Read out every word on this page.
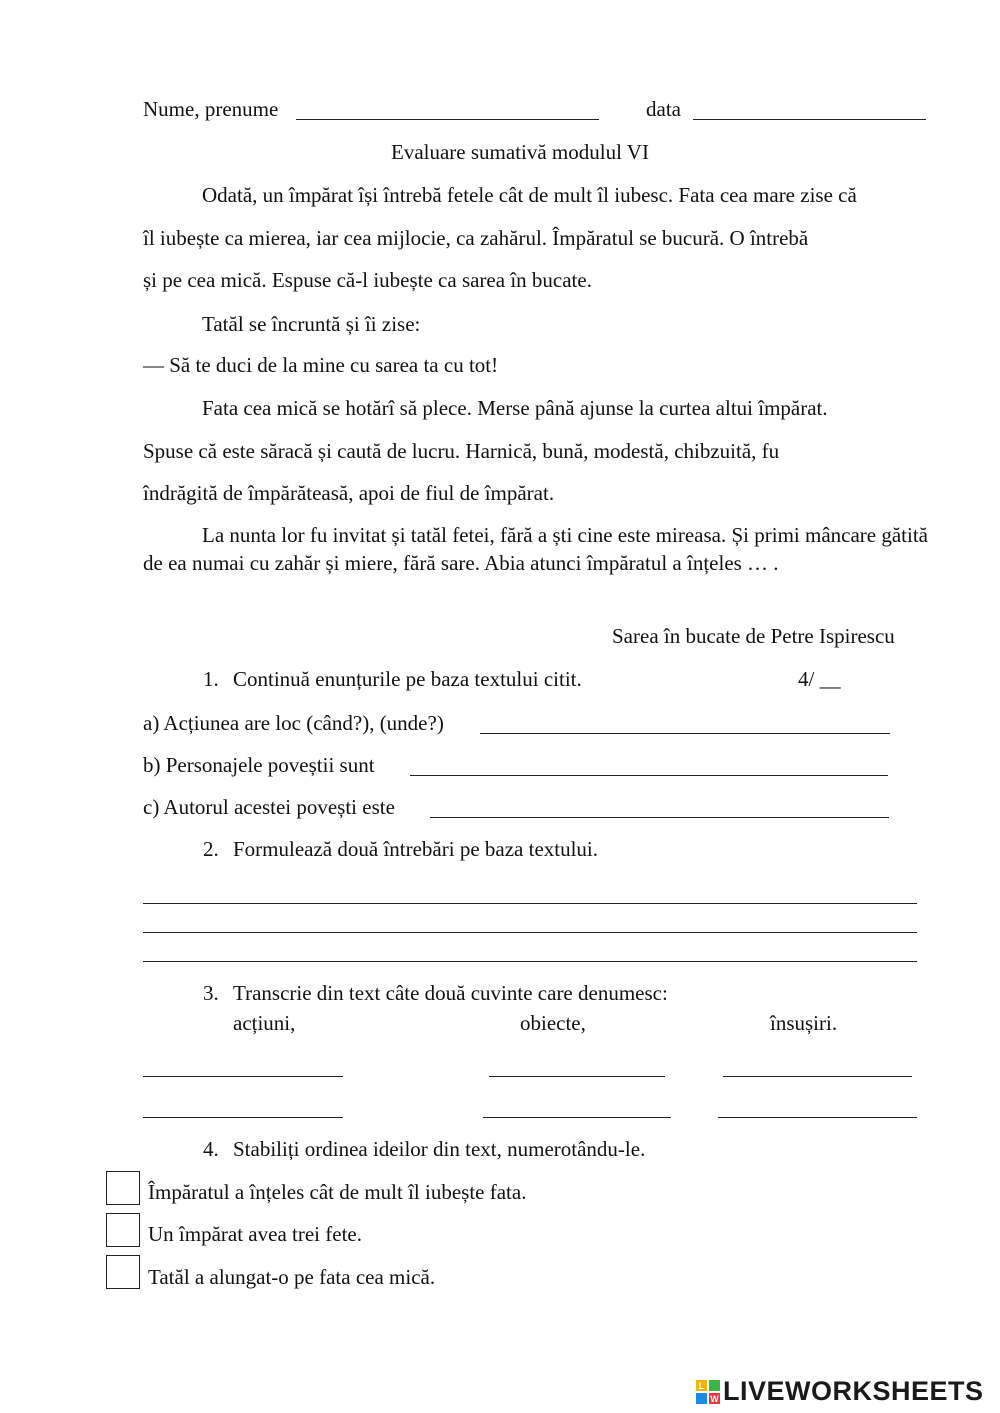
Nume, prenume	data
Evaluare sumativă modulul VI
Odată, un împărat își întrebă fetele cât de mult îl iubesc. Fata cea mare zise că
îl iubește ca mierea, iar cea mijlocie, ca zahărul. Împăratul se bucură. O întrebă
și pe cea mică. Espuse că-l iubește ca sarea în bucate.
Tatăl se încruntă și îi zise:
— Să te duci de la mine cu sarea ta cu tot!
Fata cea mică se hotărî să plece. Merse până ajunse la curtea altui împărat.
Spuse că este săracă și caută de lucru. Harnică, bună, modestă, chibzuită, fu
îndrăgită de împărăteasă, apoi de fiul de împărat.
La nunta lor fu invitat și tatăl fetei, fără a ști cine este mireasa. Și primi mâncare gătită de ea numai cu zahăr și miere, fără sare. Abia atunci împăratul a înțeles … .
Sarea în bucate de Petre Ispirescu
1. Continuă enunțurile pe baza textului citit.	4/ __
a) Acțiunea are loc (când?), (unde?)
b) Personajele poveștii sunt
c) Autorul acestei povești este
2. Formulează două întrebări pe baza textului.
3. Transcrie din text câte două cuvinte care denumesc:
acțiuni,	obiecte,	însușiri.
4. Stabiliți ordinea ideilor din text, numerotându-le.
Împăratul a înțeles cât de mult îl iubește fata.
Un împărat avea trei fete.
Tatăl a alungat-o pe fata cea mică.
L
W LIVEWORKSHEETS
